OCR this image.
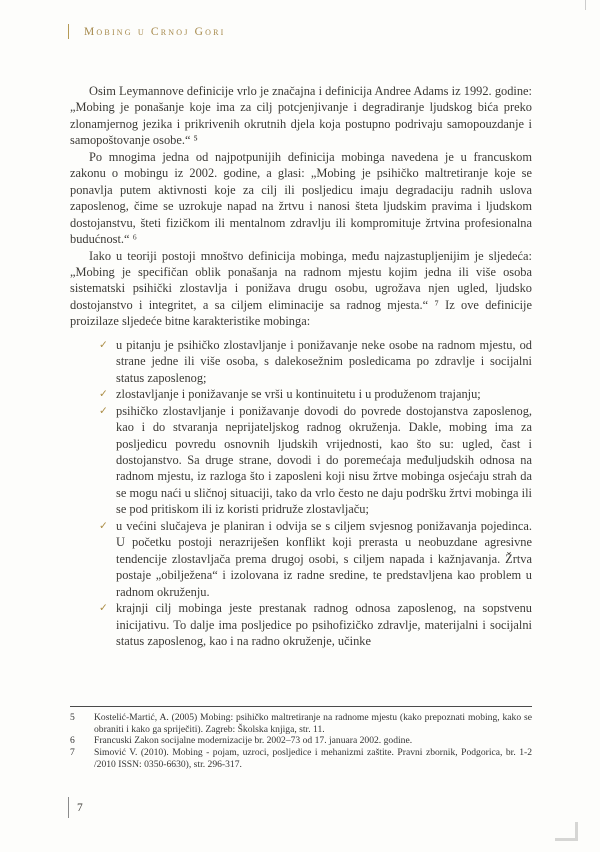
Mobing u Crnoj Gori

Osim Leymannove definicije vrlo je značajna i definicija Andree Adams iz 1992. godine: „Mobing je ponašanje koje ima za cilj potcjenjivanje i degradiranje ljudskog bića preko zlonamjernog jezika i prikrivenih okrutnih djela koja postupno podrivaju samopouzdanje i samopoštovanje osobe.“ ⁵

Po mnogima jedna od najpotpunijih definicija mobinga navedena je u francuskom zakonu o mobingu iz 2002. godine, a glasi: „Mobing je psihičko maltretiranje koje se ponavlja putem aktivnosti koje za cilj ili posljedicu imaju degradaciju radnih uslova zaposlenog, čime se uzrokuje napad na žrtvu i nanosi šteta ljudskim pravima i ljudskom dostojanstvu, šteti fizičkom ili mentalnom zdravlju ili kompromituje žrtvina profesionalna budućnost.“ ⁶

Iako u teoriji postoji mnoštvo definicija mobinga, među najzastupljenijim je sljedeća: „Mobing je specifičan oblik ponašanja na radnom mjestu kojim jedna ili više osoba sistematski psihički zlostavlja i ponižava drugu osobu, ugrožava njen ugled, ljudsko dostojanstvo i integritet, a sa ciljem eliminacije sa radnog mjesta.“ ⁷ Iz ove definicije proizilaze sljedeće bitne karakteristike mobinga:

✓ u pitanju je psihičko zlostavljanje i ponižavanje neke osobe na radnom mjestu, od strane jedne ili više osoba, s dalekosežnim posledicama po zdravlje i socijalni status zaposlenog;
✓ zlostavljanje i ponižavanje se vrši u kontinuitetu i u produženom trajanju;
✓ psihičko zlostavljanje i ponižavanje dovodi do povrede dostojanstva zaposlenog, kao i do stvaranja neprijateljskog radnog okruženja. Dakle, mobing ima za posljedicu povredu osnovnih ljudskih vrijednosti, kao što su: ugled, čast i dostojanstvo. Sa druge strane, dovodi i do poremećaja međuljudskih odnosa na radnom mjestu, iz razloga što i zaposleni koji nisu žrtve mobinga osjećaju strah da se mogu naći u sličnoj situaciji, tako da vrlo često ne daju podršku žrtvi mobinga ili se pod pritiskom ili iz koristi pridruže zlostavljaču;
✓ u većini slučajeva je planiran i odvija se s ciljem svjesnog ponižavanja pojedinca. U početku postoji nerazriješen konflikt koji prerasta u neobuzdane agresivne tendencije zlostavljača prema drugoj osobi, s ciljem napada i kažnjavanja. Žrtva postaje „obilježena“ i izolovana iz radne sredine, te predstavljena kao problem u radnom okruženju.
✓ krajnji cilj mobinga jeste prestanak radnog odnosa zaposlenog, na sopstvenu inicijativu. To dalje ima posljedice po psihofizičko zdravlje, materijalni i socijalni status zaposlenog, kao i na radno okruženje, učinke
5	Kostelić-Martić, A. (2005) Mobing: psihičko maltretiranje na radnome mjestu (kako prepoznati mobing, kako se obraniti i kako ga spriječiti). Zagreb: Školska knjiga, str. 11.
6	Francuski Zakon socijalne modernizacije br. 2002–73 od 17. januara 2002. godine.
7	Simović V. (2010). Mobing - pojam, uzroci, posljedice i mehanizmi zaštite. Pravni zbornik, Podgorica, br. 1-2 /2010 ISSN: 0350-6630), str. 296-317.
7
